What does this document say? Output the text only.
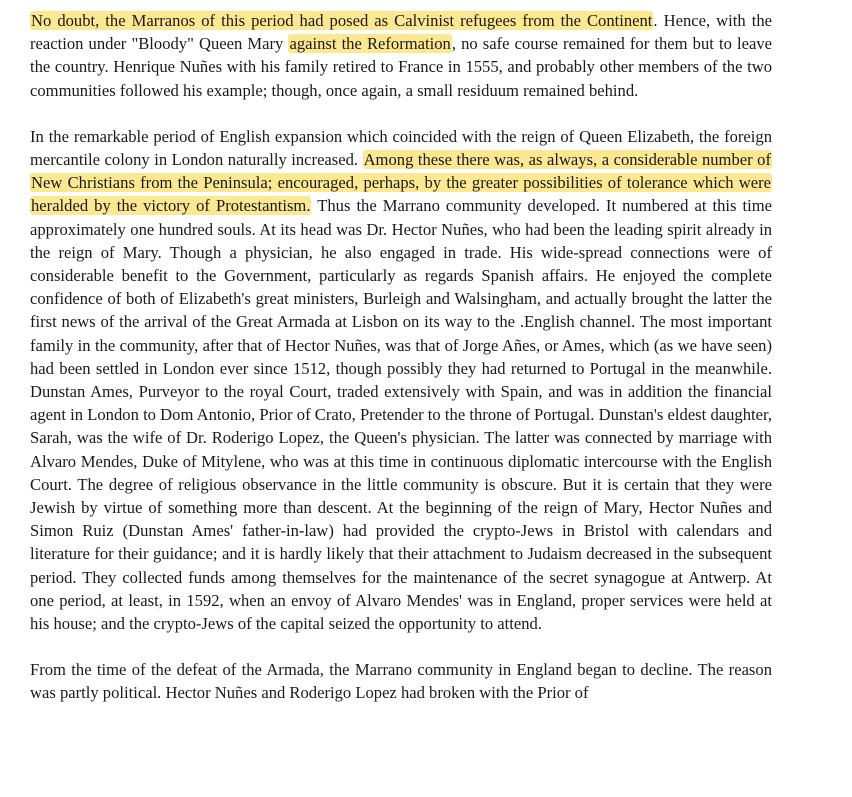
No doubt, the Marranos of this period had posed as Calvinist refugees from the Continent. Hence, with the reaction under "Bloody" Queen Mary against the Reformation, no safe course remained for them but to leave the country. Henrique Nuñes with his family retired to France in 1555, and probably other members of the two communities followed his example; though, once again, a small residuum remained behind.

In the remarkable period of English expansion which coincided with the reign of Queen Elizabeth, the foreign mercantile colony in London naturally increased. Among these there was, as always, a considerable number of New Christians from the Peninsula; encouraged, perhaps, by the greater possibilities of tolerance which were heralded by the victory of Protestantism. Thus the Marrano community developed. It numbered at this time approximately one hundred souls. At its head was Dr. Hector Nuñes, who had been the leading spirit already in the reign of Mary. Though a physician, he also engaged in trade. His wide-spread connections were of considerable benefit to the Government, particularly as regards Spanish affairs. He enjoyed the complete confidence of both of Elizabeth's great ministers, Burleigh and Walsingham, and actually brought the latter the first news of the arrival of the Great Armada at Lisbon on its way to the .English channel. The most important family in the community, after that of Hector Nuñes, was that of Jorge Añes, or Ames, which (as we have seen) had been settled in London ever since 1512, though possibly they had returned to Portugal in the meanwhile. Dunstan Ames, Purveyor to the royal Court, traded extensively with Spain, and was in addition the financial agent in London to Dom Antonio, Prior of Crato, Pretender to the throne of Portugal. Dunstan's eldest daughter, Sarah, was the wife of Dr. Roderigo Lopez, the Queen's physician. The latter was connected by marriage with Alvaro Mendes, Duke of Mitylene, who was at this time in continuous diplomatic intercourse with the English Court. The degree of religious observance in the little community is obscure. But it is certain that they were Jewish by virtue of something more than descent. At the beginning of the reign of Mary, Hector Nuñes and Simon Ruiz (Dunstan Ames' father-in-law) had provided the crypto-Jews in Bristol with calendars and literature for their guidance; and it is hardly likely that their attachment to Judaism decreased in the subsequent period. They collected funds among themselves for the maintenance of the secret synagogue at Antwerp. At one period, at least, in 1592, when an envoy of Alvaro Mendes' was in England, proper services were held at his house; and the crypto-Jews of the capital seized the opportunity to attend.

From the time of the defeat of the Armada, the Marrano community in England began to decline. The reason was partly political. Hector Nuñes and Roderigo Lopez had broken with the Prior of
